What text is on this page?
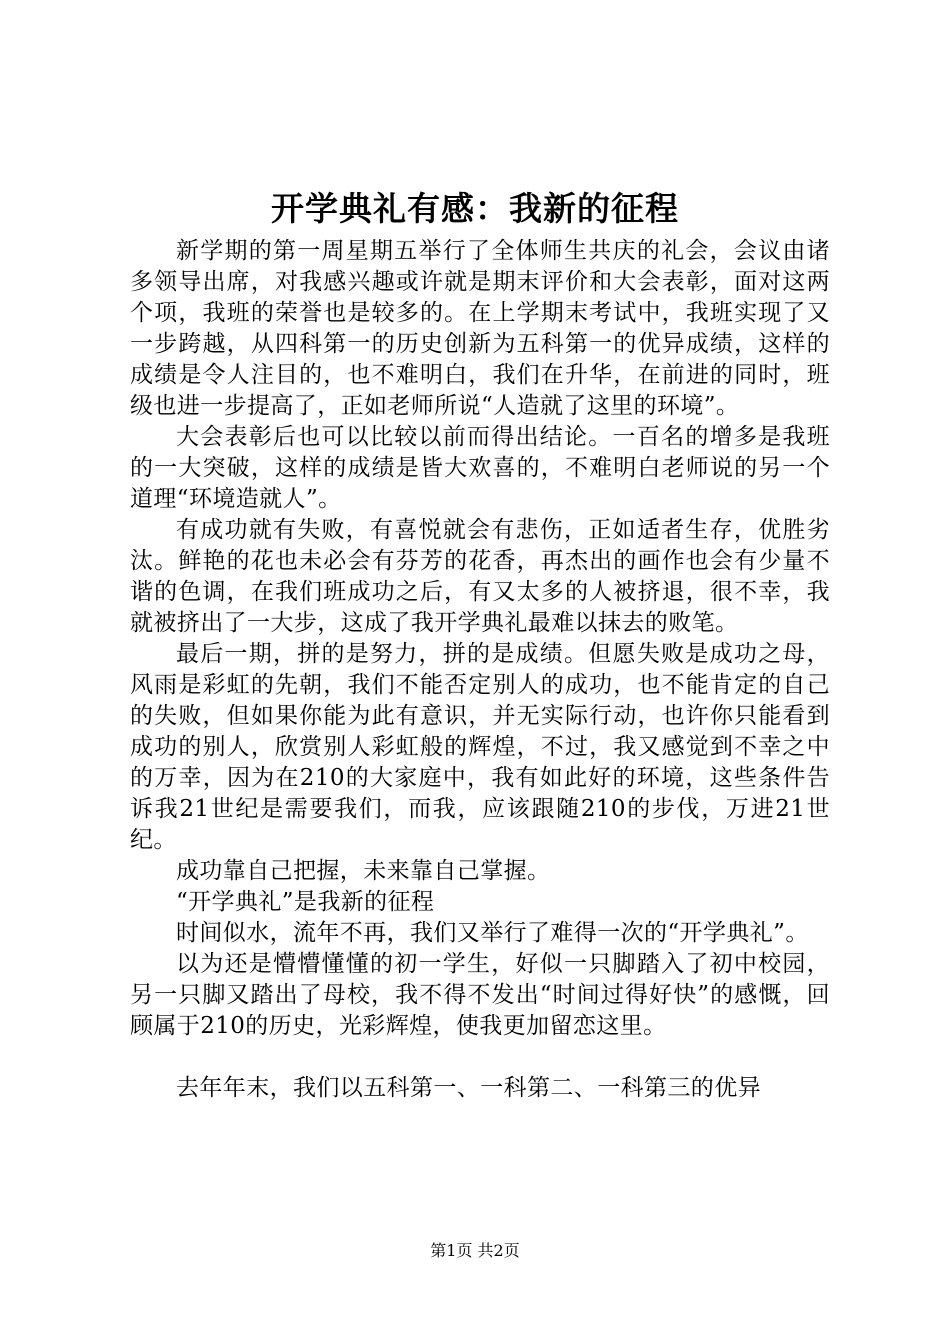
开学典礼有感：我新的征程

新学期的第一周星期五举行了全体师生共庆的礼会，会议由诸多领导出席，对我感兴趣或许就是期末评价和大会表彰，面对这两个项，我班的荣誉也是较多的。在上学期末考试中，我班实现了又一步跨越，从四科第一的历史创新为五科第一的优异成绩，这样的成绩是令人注目的，也不难明白，我们在升华，在前进的同时，班级也进一步提高了，正如老师所说“人造就了这里的环境”。

大会表彰后也可以比较以前而得出结论。一百名的增多是我班的一大突破，这样的成绩是皆大欢喜的，不难明白老师说的另一个道理“环境造就人”。

有成功就有失败，有喜悦就会有悲伤，正如适者生存，优胜劣汰。鲜艳的花也未必会有芬芳的花香，再杰出的画作也会有少量不谐的色调，在我们班成功之后，有又太多的人被挤退，很不幸，我就被挤出了一大步，这成了我开学典礼最难以抹去的败笔。

最后一期，拼的是努力，拼的是成绩。但愿失败是成功之母，风雨是彩虹的先朝，我们不能否定别人的成功，也不能肯定的自己的失败，但如果你能为此有意识，并无实际行动，也许你只能看到成功的别人，欣赏别人彩虹般的辉煌，不过，我又感觉到不幸之中的万幸，因为在210的大家庭中，我有如此好的环境，这些条件告诉我21世纪是需要我们，而我，应该跟随210的步伐，万进21世纪。

成功靠自己把握，未来靠自己掌握。

“开学典礼”是我新的征程

时间似水，流年不再，我们又举行了难得一次的“开学典礼”。

以为还是懵懵懂懂的初一学生，好似一只脚踏入了初中校园，另一只脚又踏出了母校，我不得不发出“时间过得好快”的感慨，回顾属于210的历史，光彩辉煌，使我更加留恋这里。

去年年末，我们以五科第一、一科第二、一科第三的优异

第1页 共2页
